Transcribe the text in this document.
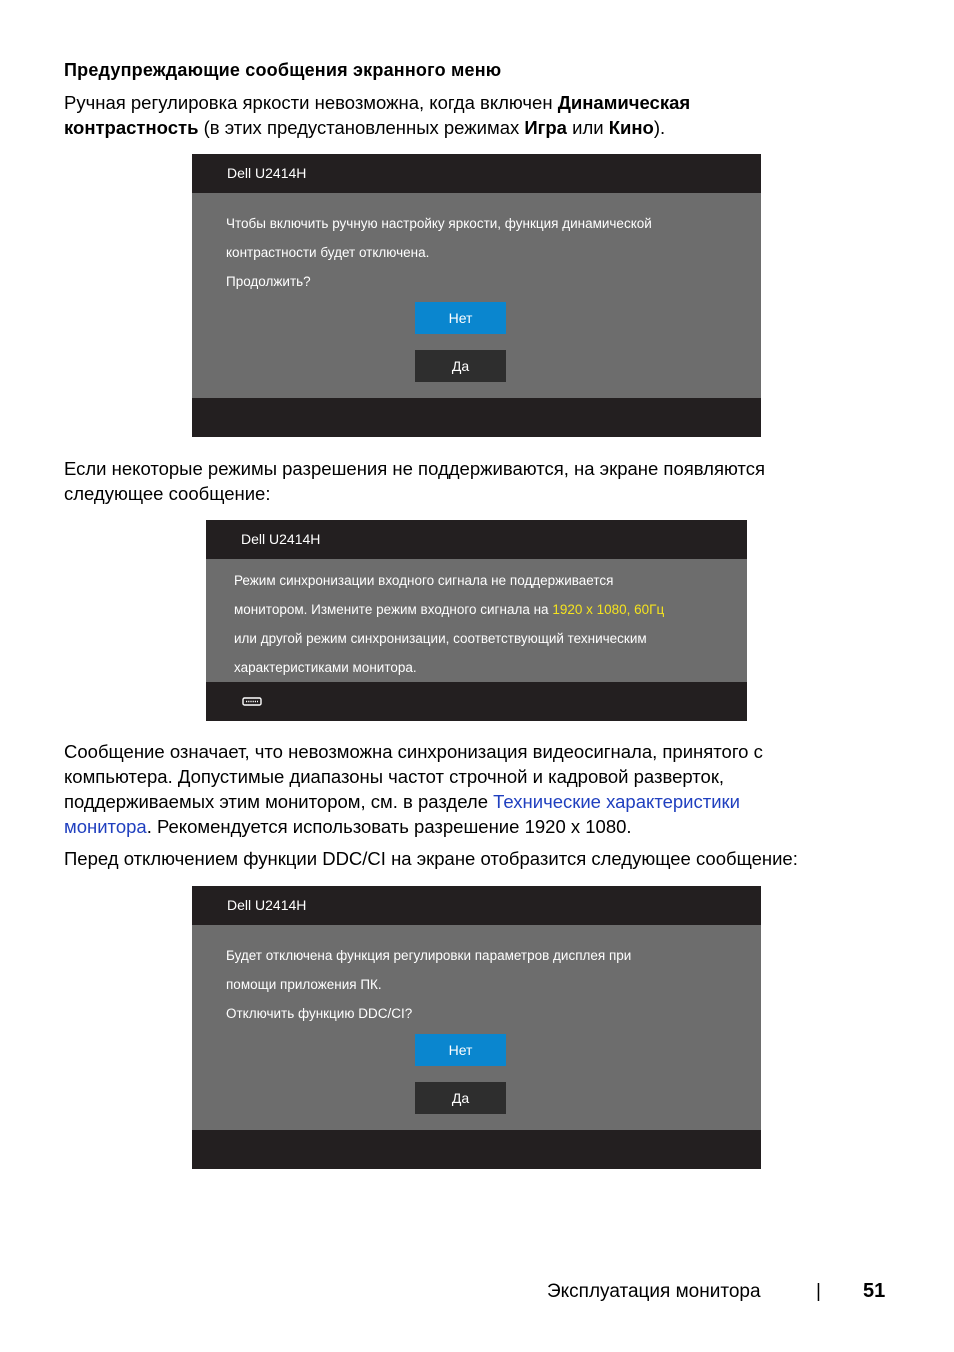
Предупреждающие сообщения экранного меню
Ручная регулировка яркости невозможна, когда включен Динамическая
контрастность (в этих предустановленных режимах Игра или Кино).
Dell U2414H
Чтобы включить ручную настройку яркости, функция динамической
контрастности будет отключена.
Продолжить?
Нет
Да
Если некоторые режимы разрешения не поддерживаются, на экране появляются
следующее сообщение:
Dell U2414H
Режим синхронизации входного сигнала не поддерживается
монитором. Измените режим входного сигнала на 1920 x 1080, 60Гц
или другой режим синхронизации, соответствующий техническим
характеристиками монитора.
Сообщение означает, что невозможна синхронизация видеосигнала, принятого с
компьютера. Допустимые диапазоны частот строчной и кадровой разверток,
поддерживаемых этим монитором, см. в разделе Технические характеристики
монитора. Рекомендуется использовать разрешение 1920 x 1080.
Перед отключением функции DDC/CI на экране отобразится следующее сообщение:
Dell U2414H
Будет отключена функция регулировки параметров дисплея при
помощи приложения ПК.
Отключить функцию DDC/CI?
Нет
Да
Эксплуатация монитора	| 51
